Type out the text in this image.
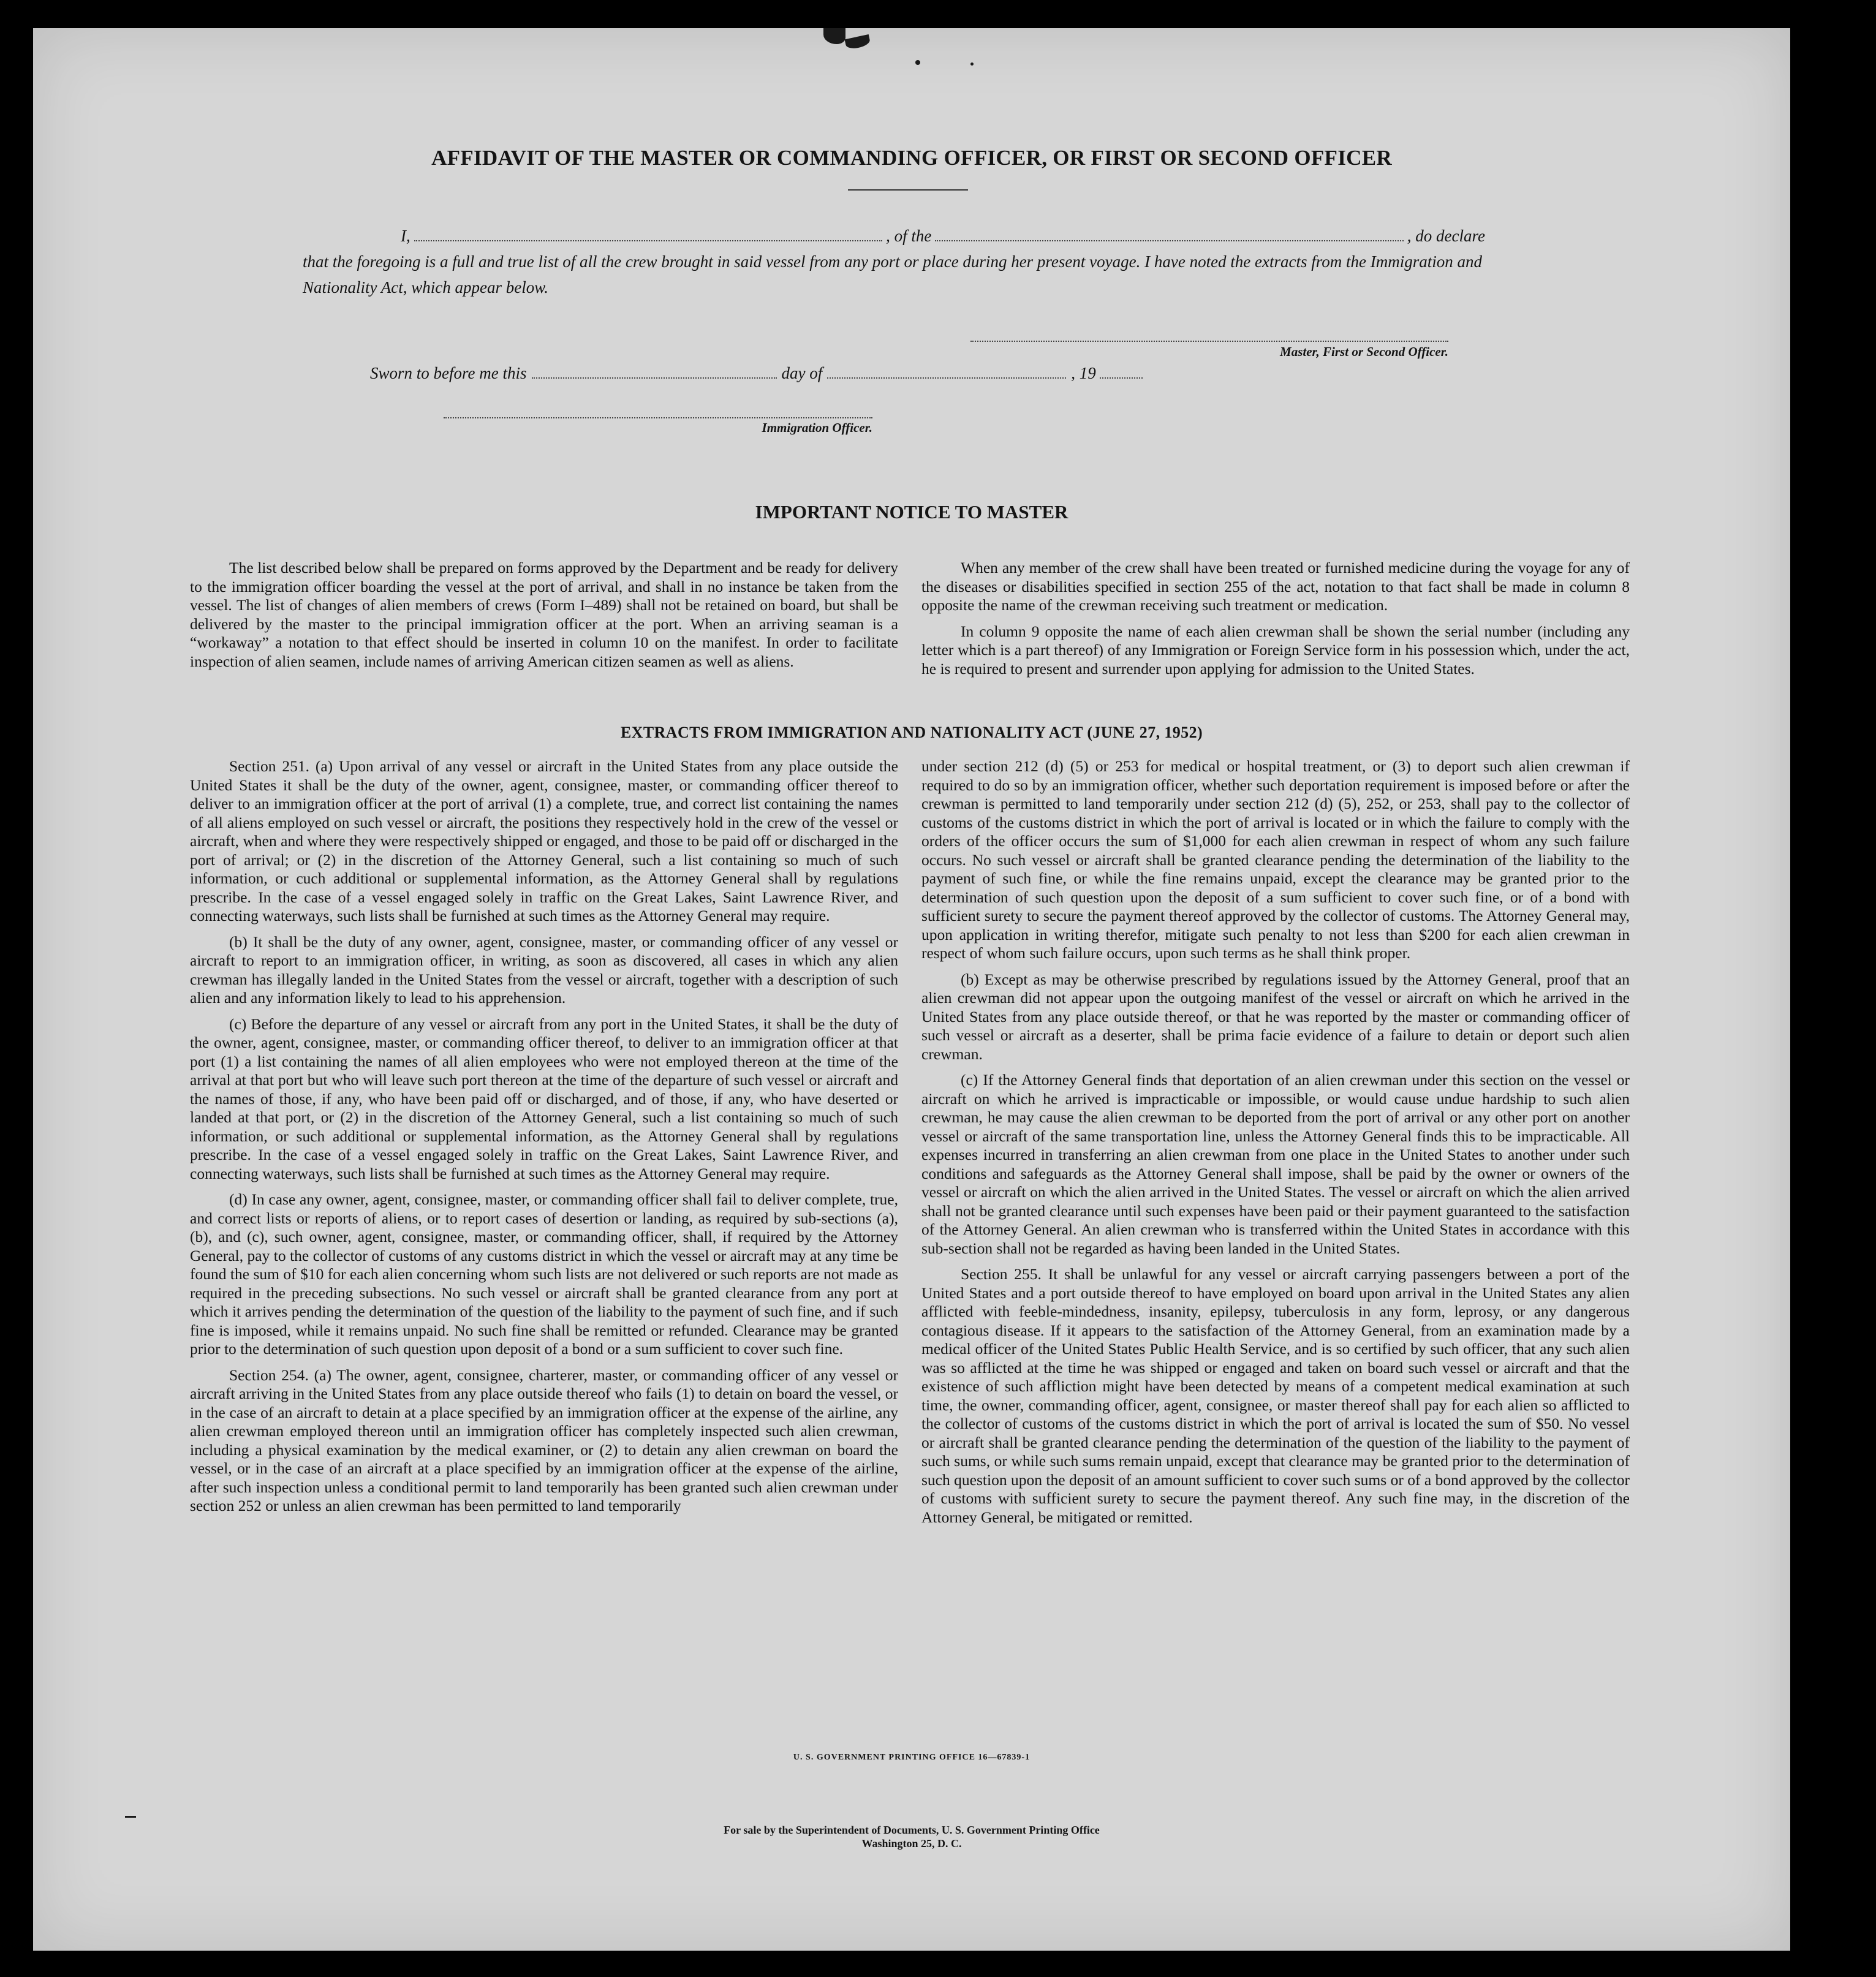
AFFIDAVIT OF THE MASTER OR COMMANDING OFFICER, OR FIRST OR SECOND OFFICER
I,	, of the	, do declare
that the foregoing is a full and true list of all the crew brought in said vessel from any port or place during her present voyage. I have noted the extracts from the Immigration and Nationality Act, which appear below.
Master, First or Second Officer.
Sworn to before me this	day of	, 19
Immigration Officer.
IMPORTANT NOTICE TO MASTER

The list described below shall be prepared on forms approved by the Department and be ready for delivery to the immigration officer boarding the vessel at the port of arrival, and shall in no instance be taken from the vessel. The list of changes of alien members of crews (Form I–489) shall not be retained on board, but shall be delivered by the master to the principal immigration officer at the port. When an arriving seaman is a “workaway” a notation to that effect should be inserted in column 10 on the manifest. In order to facilitate inspection of alien seamen, include names of arriving American citizen seamen as well as aliens.

When any member of the crew shall have been treated or furnished medicine during the voyage for any of the diseases or disabilities specified in section 255 of the act, notation to that fact shall be made in column 8 opposite the name of the crewman receiving such treatment or medication.

In column 9 opposite the name of each alien crewman shall be shown the serial number (including any letter which is a part thereof) of any Immigration or Foreign Service form in his possession which, under the act, he is required to present and surrender upon applying for admission to the United States.

EXTRACTS FROM IMMIGRATION AND NATIONALITY ACT (JUNE 27, 1952)

Section 251. (a) Upon arrival of any vessel or aircraft in the United States from any place outside the United States it shall be the duty of the owner, agent, consignee, master, or commanding officer thereof to deliver to an immigration officer at the port of arrival (1) a complete, true, and correct list containing the names of all aliens employed on such vessel or aircraft, the positions they respectively hold in the crew of the vessel or aircraft, when and where they were respectively shipped or engaged, and those to be paid off or discharged in the port of arrival; or (2) in the discretion of the Attorney General, such a list containing so much of such information, or cuch additional or supplemental information, as the Attorney General shall by regulations prescribe. In the case of a vessel engaged solely in traffic on the Great Lakes, Saint Lawrence River, and connecting waterways, such lists shall be furnished at such times as the Attorney General may require.

(b) It shall be the duty of any owner, agent, consignee, master, or commanding officer of any vessel or aircraft to report to an immigration officer, in writing, as soon as discovered, all cases in which any alien crewman has illegally landed in the United States from the vessel or aircraft, together with a description of such alien and any information likely to lead to his apprehension.

(c) Before the departure of any vessel or aircraft from any port in the United States, it shall be the duty of the owner, agent, consignee, master, or commanding officer thereof, to deliver to an immigration officer at that port (1) a list containing the names of all alien employees who were not employed thereon at the time of the arrival at that port but who will leave such port thereon at the time of the departure of such vessel or aircraft and the names of those, if any, who have been paid off or discharged, and of those, if any, who have deserted or landed at that port, or (2) in the discretion of the Attorney General, such a list containing so much of such information, or such additional or supplemental information, as the Attorney General shall by regulations prescribe. In the case of a vessel engaged solely in traffic on the Great Lakes, Saint Lawrence River, and connecting waterways, such lists shall be furnished at such times as the Attorney General may require.

(d) In case any owner, agent, consignee, master, or commanding officer shall fail to deliver complete, true, and correct lists or reports of aliens, or to report cases of desertion or landing, as required by sub-sections (a), (b), and (c), such owner, agent, consignee, master, or commanding officer, shall, if required by the Attorney General, pay to the collector of customs of any customs district in which the vessel or aircraft may at any time be found the sum of $10 for each alien concerning whom such lists are not delivered or such reports are not made as required in the preceding subsections. No such vessel or aircraft shall be granted clearance from any port at which it arrives pending the determination of the question of the liability to the payment of such fine, and if such fine is imposed, while it remains unpaid. No such fine shall be remitted or refunded. Clearance may be granted prior to the determination of such question upon deposit of a bond or a sum sufficient to cover such fine.

Section 254. (a) The owner, agent, consignee, charterer, master, or commanding officer of any vessel or aircraft arriving in the United States from any place outside thereof who fails (1) to detain on board the vessel, or in the case of an aircraft to detain at a place specified by an immigration officer at the expense of the airline, any alien crewman employed thereon until an immigration officer has completely inspected such alien crewman, including a physical examination by the medical examiner, or (2) to detain any alien crewman on board the vessel, or in the case of an aircraft at a place specified by an immigration officer at the expense of the airline, after such inspection unless a conditional permit to land temporarily has been granted such alien crewman under section 252 or unless an alien crewman has been permitted to land temporarily

under section 212 (d) (5) or 253 for medical or hospital treatment, or (3) to deport such alien crewman if required to do so by an immigration officer, whether such deportation requirement is imposed before or after the crewman is permitted to land temporarily under section 212 (d) (5), 252, or 253, shall pay to the collector of customs of the customs district in which the port of arrival is located or in which the failure to comply with the orders of the officer occurs the sum of $1,000 for each alien crewman in respect of whom any such failure occurs. No such vessel or aircraft shall be granted clearance pending the determination of the liability to the payment of such fine, or while the fine remains unpaid, except the clearance may be granted prior to the determination of such question upon the deposit of a sum sufficient to cover such fine, or of a bond with sufficient surety to secure the payment thereof approved by the collector of customs. The Attorney General may, upon application in writing therefor, mitigate such penalty to not less than $200 for each alien crewman in respect of whom such failure occurs, upon such terms as he shall think proper.

(b) Except as may be otherwise prescribed by regulations issued by the Attorney General, proof that an alien crewman did not appear upon the outgoing manifest of the vessel or aircraft on which he arrived in the United States from any place outside thereof, or that he was reported by the master or commanding officer of such vessel or aircraft as a deserter, shall be prima facie evidence of a failure to detain or deport such alien crewman.

(c) If the Attorney General finds that deportation of an alien crewman under this section on the vessel or aircraft on which he arrived is impracticable or impossible, or would cause undue hardship to such alien crewman, he may cause the alien crewman to be deported from the port of arrival or any other port on another vessel or aircraft of the same transportation line, unless the Attorney General finds this to be impracticable. All expenses incurred in transferring an alien crewman from one place in the United States to another under such conditions and safeguards as the Attorney General shall impose, shall be paid by the owner or owners of the vessel or aircraft on which the alien arrived in the United States. The vessel or aircraft on which the alien arrived shall not be granted clearance until such expenses have been paid or their payment guaranteed to the satisfaction of the Attorney General. An alien crewman who is transferred within the United States in accordance with this sub-section shall not be regarded as having been landed in the United States.

Section 255. It shall be unlawful for any vessel or aircraft carrying passengers between a port of the United States and a port outside thereof to have employed on board upon arrival in the United States any alien afflicted with feeble-mindedness, insanity, epilepsy, tuberculosis in any form, leprosy, or any dangerous contagious disease. If it appears to the satisfaction of the Attorney General, from an examination made by a medical officer of the United States Public Health Service, and is so certified by such officer, that any such alien was so afflicted at the time he was shipped or engaged and taken on board such vessel or aircraft and that the existence of such affliction might have been detected by means of a competent medical examination at such time, the owner, commanding officer, agent, consignee, or master thereof shall pay for each alien so afflicted to the collector of customs of the customs district in which the port of arrival is located the sum of $50. No vessel or aircraft shall be granted clearance pending the determination of the question of the liability to the payment of such sums, or while such sums remain unpaid, except that clearance may be granted prior to the determination of such question upon the deposit of an amount sufficient to cover such sums or of a bond approved by the collector of customs with sufficient surety to secure the payment thereof. Any such fine may, in the discretion of the Attorney General, be mitigated or remitted.

U. S. GOVERNMENT PRINTING OFFICE 16—67839-1
For sale by the Superintendent of Documents, U. S. Government Printing Office
Washington 25, D. C.
